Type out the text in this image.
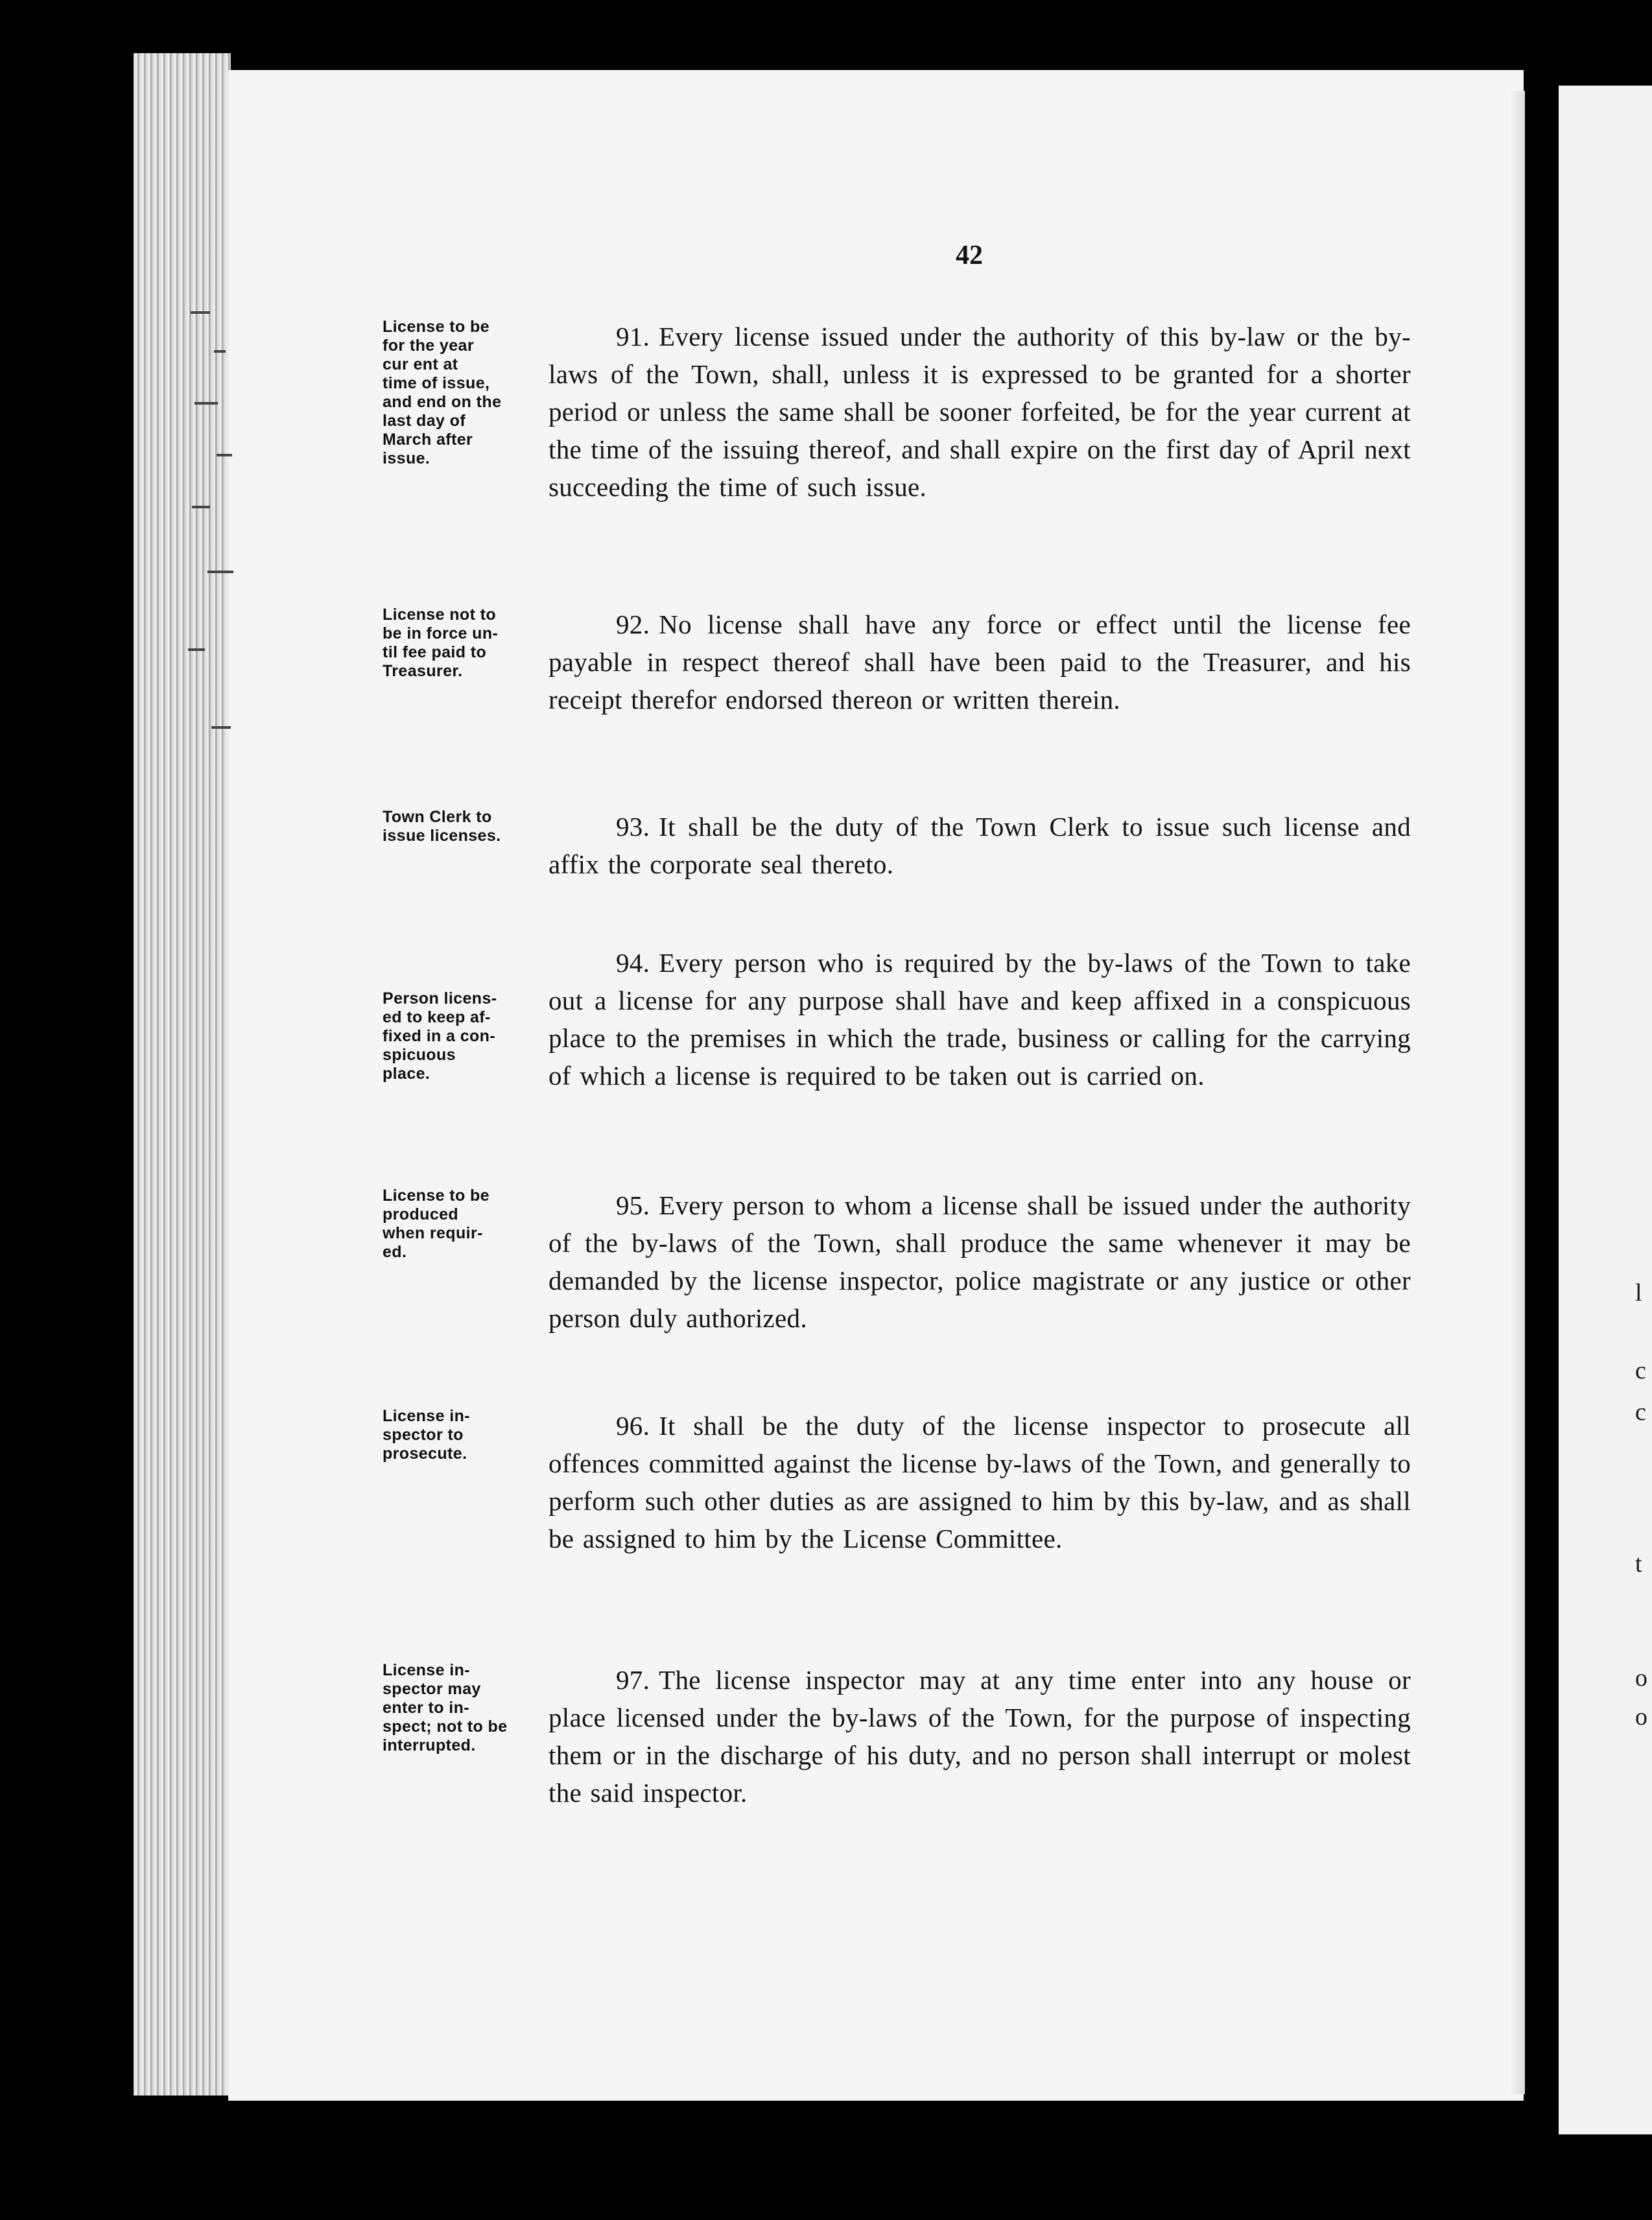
l
c
c
t
o
o
42
License to be
for the year
cur ent at
time of issue,
and end on the
last day of
March after
issue.
91. Every license issued under the authority of this by-law or the by-laws of the Town, shall, unless it is expressed to be granted for a shorter period or unless the same shall be sooner forfeited, be for the year current at the time of the issuing thereof, and shall expire on the first day of April next succeeding the time of such issue.
License not to
be in force un-
til fee paid to
Treasurer.
92. No license shall have any force or effect until the license fee payable in respect thereof shall have been paid to the Treasurer, and his receipt therefor endorsed thereon or written therein.
Town Clerk to
issue licenses.	93. It shall be the duty of the Town Clerk to issue such license and affix the corporate seal thereto.
Person licens-
ed to keep af-
fixed in a con-
spicuous
place.
94. Every person who is required by the by-laws of the Town to take out a license for any purpose shall have and keep affixed in a conspicuous place to the premises in which the trade, business or calling for the carrying of which a license is required to be taken out is carried on.
License to be
produced
when requir-
ed.
95. Every person to whom a license shall be issued under the authority of the by-laws of the Town, shall produce the same whenever it may be demanded by the license inspector, police magistrate or any justice or other person duly authorized.
License in-
spector to
prosecute.
96. It shall be the duty of the license inspector to prosecute all offences committed against the license by-laws of the Town, and generally to perform such other duties as are assigned to him by this by-law, and as shall be assigned to him by the License Committee.
License in-
spector may
enter to in-
spect; not to be
interrupted.
97. The license inspector may at any time enter into any house or place licensed under the by-laws of the Town, for the purpose of inspecting them or in the discharge of his duty, and no person shall interrupt or molest the said inspector.
